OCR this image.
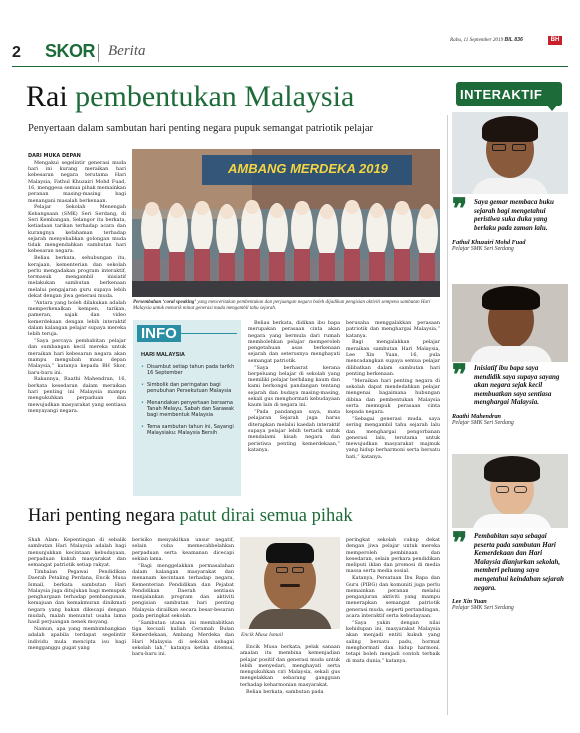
2 SKOR Berita
Rabu, 11 September 2019 BIL 836	BH
Rai pembentukan Malaysia
Penyertaan dalam sambutan hari penting negara pupuk semangat patriotik pelajar
INTERAKTIF

DARI MUKA DEPAN

Mengakui segelintir generasi muda hari ini kurang meraikan hari kebesaran negara terutama Hari Malaysia, Fathul Khuzairi Mohd Fuad, 16, menggesa semua pihak memainkan peranan masing-masing bagi menangani masalah berkenaan.

Pelajar Sekolah Menengah Kebangsaan (SMK) Seri Serdang, di Seri Kembangan, Selangor itu berkata, ketiadaan tarikan terhadap acara dan kurangnya kefahaman terhadap sejarah menyebabkan golongan muda tidak mengendahkan sambutan hari kebesaran negara.

Beliau berkata, sehubungan itu, kerajaan, kementerian dan sekolah perlu mengadakan program interaktif, termasuk mengambil inisiatif melakukan sambutan berkenaan melalui pengajaran guru supaya lebih dekat dengan jiwa generasi muda.

“Antara yang boleh dilakukan adalah memperkenalkan kempen, tarikan, pameran, sajak dan video kemerdekaan dengan lebih interaktif dalam kalangan pelajar supaya mereka lebih teruja.

“Saya percaya pembabitan pelajar dan sumbangan kecil mereka untuk meraikan hari kebesaran negara akan mampu mengubah masa depan Malaysia,” katanya kepada BH Skor, baru-baru ini.

Rakannya, Raathi Mahendran, 16, berkata kesedaran dalam meraikan hari penting ini Malaysia mampu mengukuhkan perpaduan dan mewujudkan masyarakat yang sentiasa menyayangi negara.

AMBANG MERDEKA 2019
Persembahan ‘coral speaking’ yang menceritakan pembentukan dan perjuangan negara boleh dijadikan pengisian aktiviti sempena sambutan Hari Malaysia untuk menarik minat generasi muda mengambil tahu sejarah.
INFO
HARI MALAYSIA
• Disambut setiap tahun pada tarikh 16 September
• Simbolik dan peringatan bagi penubuhan Persekutuan Malaysia
• Menandakan penyertaan bersama Tanah Melayu, Sabah dan Sarawak bagi membentuk Malaysia
• Tema sambutan tahun ini, Sayangi Malaysiaku: Malaysia Bersih

Beliau berkata, didikan ibu bapa merupakan perasaan cinta akan negara yang bermula dari rumah membolehkan pelajar memperoleh pengetahuan asas berkenaan sejarah dan seterusnya menghayati semangat patriotik.

“Saya berhasrat kerana berpeluang belajar di sekolah yang memiliki pelajar berbilang kaum dan kami berkongsi pandangan tentang sejarah dan budaya masing-masing, sekali gus menghormati kebudayaan kaum lain di negara ini.

“Pada pandangan saya, mata pelajaran Sejarah juga harus diterapkan melalui kaedah interaktif supaya pelajar lebih tertarik untuk mendalami kisah negara dan peristiwa penting kemerdekaan,” katanya.

berusaha menggalakkan perasaan patriotik dan menghargai Malaysia,” katanya.

Bagi mengalakkan pelajar meraikan sambutan Hari Malaysia, Lee Xin Yuan, 16, pula mencadangkan supaya semua pelajar dilibatkan dalam sambutan hari penting berkenaan.

“Meraikan hari penting negara di sekolah dapat mendedahkan pelajar mengenai bagaimana hubungan dibina dan pembentukan Malaysia serta memupuk perasaan cinta kepada negara.

“Sebagai generasi muda, saya sering mengambil tahu sejarah lalu dan menghargai pengorbanan generasi lalu, terutama untuk mewujudkan masyarakat majmuk yang hidup berharmoni serta bersatu hati,” katanya.

❞ Saya gemar membaca buku sejarah bagi mengetahui peristiwa suka duka yang berlaku pada zaman lalu.
Fathul Khuzairi Mohd Fuad
Pelajar SMK Seri Serdang
❞ Inisiatif ibu bapa saya mendidik saya supaya sayang akan negara sejak kecil membuatkan saya sentiasa menghargai Malaysia.
Raathi Mahendran
Pelajar SMK Seri Serdang
❞ Pembabitan saya sebagai peserta pada sambutan Hari Kemerdekaan dan Hari Malaysia dianjurkan sekolah, memberi peluang saya mengetahui keindahan sejarah negara.
Lee Xin Yuan
Pelajar SMK Seri Serdang
Hari penting negara patut dirai semua pihak

Shah Alam: Kepentingan di sebalik sambutan Hari Malaysia adalah bagi menunjukkan kecintaan kebudayaan, perpaduan kukuh masyarakat dan semangat patriotik setiap rakyat.

Timbalan Pegawai Pendidikan Daerah Petaling Perdana, Encik Musa Ismail, berkata sambutan Hari Malaysia juga ditujukan bagi memupuk penghargaan terhadap pembangunan, kemajuan dan kemakmuran dinikmati negara yang bakan dikecapi dengan mudah, malah menuntut usaha lama hasil perjuangan nenek moyang.

Namun, apa yang membimbangkan adalah apabila terdapat segelintir individu mula mencipta isu bagi mengganggu gugat yang

berisiko menyakitkan unsur negatif, selain cuba memecahbelahkan perpaduan serta keamanan dicecapi sekian lama.

“Bagi menggelakkan permasalahan dalam kalangan masyarakat dan menanam kecintaan terhadap negara, Kementerian Pendidikan dan Pejabat Pendidikan Daerah sentiasa menjalankan program dan aktiviti pengisian sambutan hari penting Malaysia dirailkan secara besar-besaran pada peringkat sekolah.

“Sambutan utama ini membabitkan tiga kecuali kuliah Ceramah Bulan Kemerdekaan, Ambang Merdeka dan Hari Malaysia di sekolah sebagai sekolah lah,” katanya ketika ditemui, baru-baru ini.

Encik Musa Ismail

Encik Musa berkata, pelak sanaan amalan itu membina kemenjadian pelajar positif dan generasi muda untuk lebih menyedari, menghayati serta mengukuhkan ciri Malaysia, sekali gus mengelakkan sebarang gangguan terhadap keharmonian masyarakat.

Beliau berkata, sambutan pada

peringkat sekolah cukup dekat dengan jiwa pelajar untuk mereka memperoleh pembinaan dan kesedaran, selain perkara pendidikan meliputi iklan dan promosi di media massa serta media sosial.

Katanya, Persatuan Ibu Bapa dan Guru (PIBG) dan komuniti juga perlu memainkan peranan melalui penganjuran aktiviti yang mampu menerapkan semangat patriotik generasi muda, seperti pertandingan, acara interaktif serta kebudayaan.

“Saya yakin dengan nilai kehidupan ini, masyarakat Malaysia akan menjadi entiti kukuh yang saling bersatu padu, hormat menghormati dan hidup harmoni, tetapi boleh menjadi contoh terbaik di mata dunia,” katanya.
